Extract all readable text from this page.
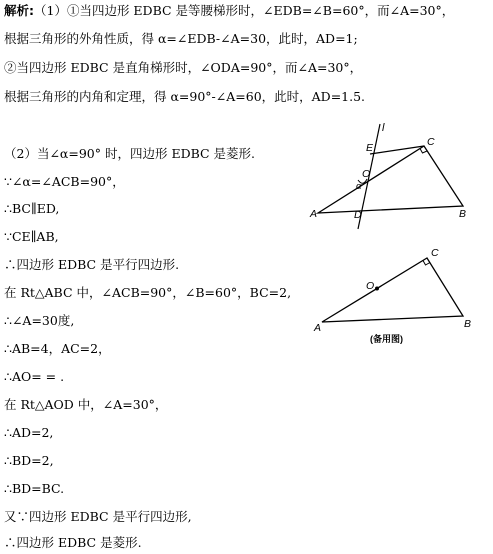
解析:（1）①当四边形 EDBC 是等腰梯形时，∠EDB=∠B=60°，而∠A=30°，
根据三角形的外角性质，得 α=∠EDB-∠A=30，此时，AD=1;
②当四边形 EDBC 是直角梯形时，∠ODA=90°，而∠A=30°，
根据三角形的内角和定理，得 α=90°-∠A=60，此时，AD=1.5.
（2）当∠α=90° 时，四边形 EDBC 是菱形.
∵∠α=∠ACB=90°，
∴BC∥ED,
∵CE∥AB,
∴四边形 EDBC 是平行四边形.
在 Rt△ABC 中，∠ACB=90°，∠B=60°，BC=2,
∴∠A=30度,
∴AB=4，AC=2，
∴AO= = .
在 Rt△AOD 中，∠A=30°，
∴AD=2,
∴BD=2,
∴BD=BC.
又∵四边形 EDBC 是平行四边形,
∴四边形 EDBC 是菱形.
l
E	C
O
α
A	D	B
C
O
A	B
(备用图)
